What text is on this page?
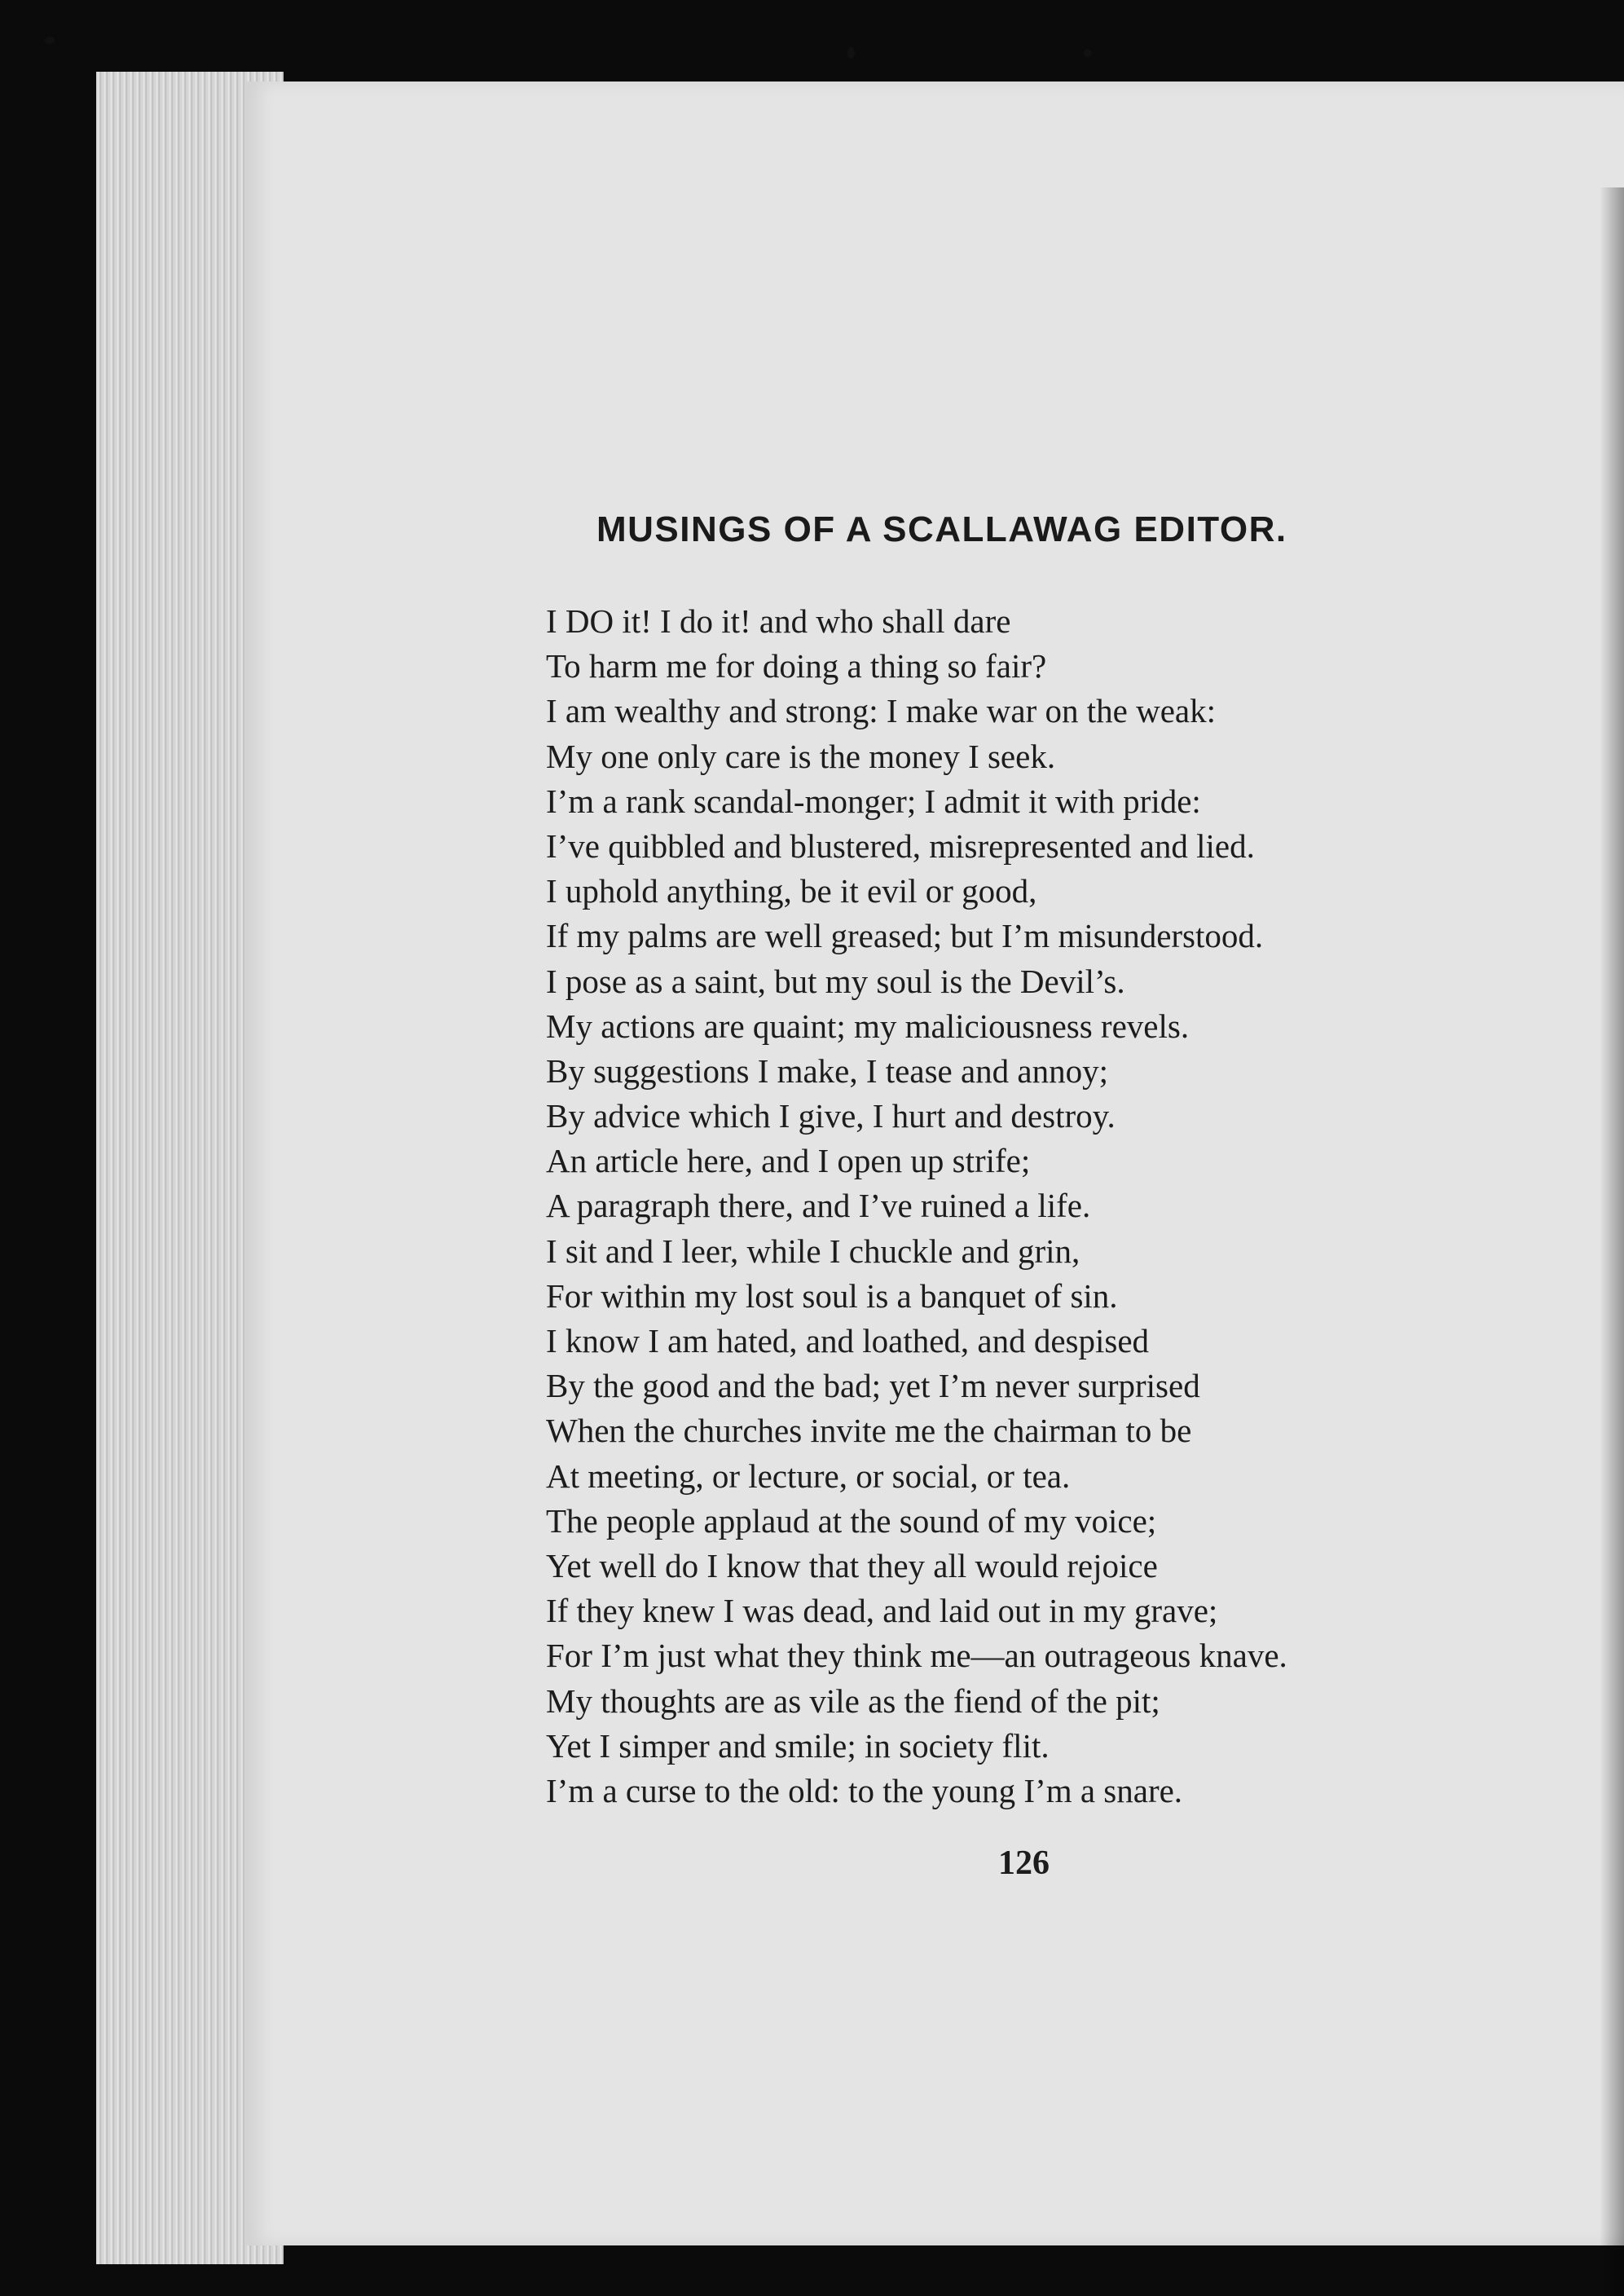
MUSINGS OF A SCALLAWAG EDITOR.
I DO it! I do it! and who shall dare
To harm me for doing a thing so fair?
I am wealthy and strong: I make war on the weak:
My one only care is the money I seek.
I’m a rank scandal-monger; I admit it with pride:
I’ve quibbled and blustered, misrepresented and lied.
I uphold anything, be it evil or good,
If my palms are well greased; but I’m misunderstood.
I pose as a saint, but my soul is the Devil’s.
My actions are quaint; my maliciousness revels.
By suggestions I make, I tease and annoy;
By advice which I give, I hurt and destroy.
An article here, and I open up strife;
A paragraph there, and I’ve ruined a life.
I sit and I leer, while I chuckle and grin,
For within my lost soul is a banquet of sin.
I know I am hated, and loathed, and despised
By the good and the bad; yet I’m never surprised
When the churches invite me the chairman to be
At meeting, or lecture, or social, or tea.
The people applaud at the sound of my voice;
Yet well do I know that they all would rejoice
If they knew I was dead, and laid out in my grave;
For I’m just what they think me—an outrageous knave.
My thoughts are as vile as the fiend of the pit;
Yet I simper and smile; in society flit.
I’m a curse to the old: to the young I’m a snare.
126
